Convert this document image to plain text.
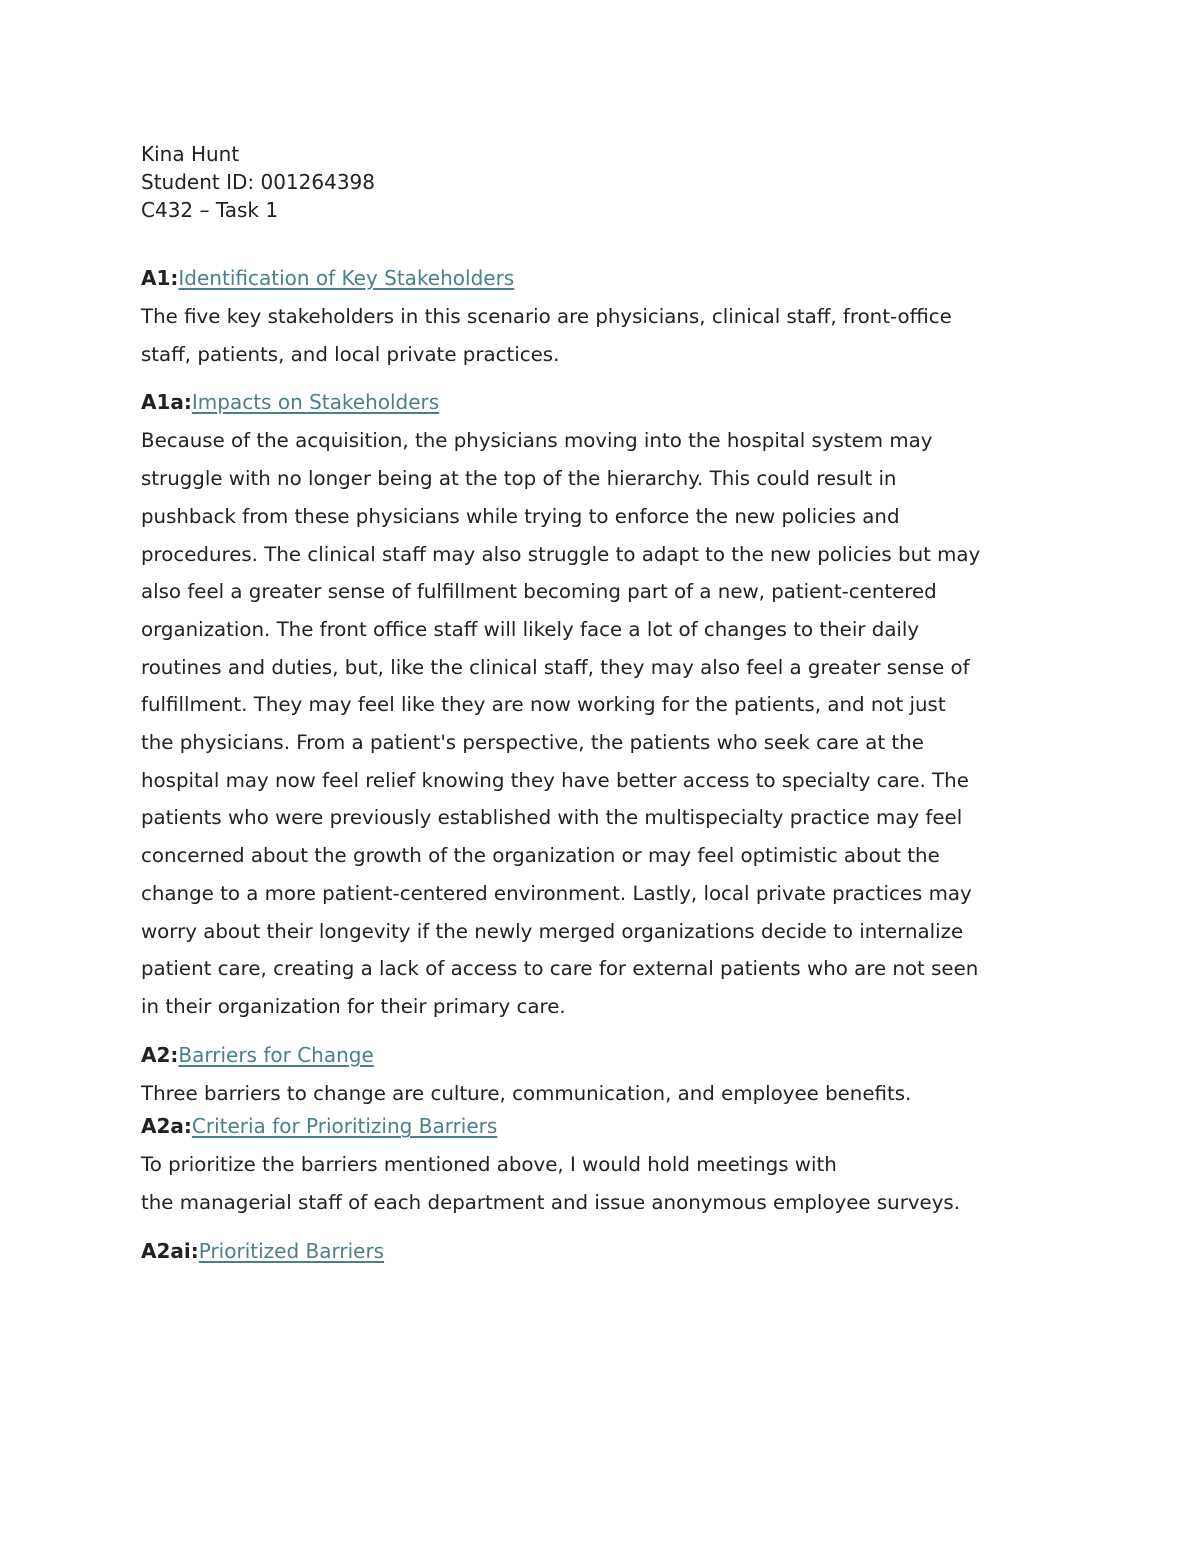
Kina Hunt

Student ID: 001264398

C432 – Task 1

A1:Identification of Key Stakeholders

The five key stakeholders in this scenario are physicians, clinical staff, front-office
staff, patients, and local private practices.

A1a:Impacts on Stakeholders

Because of the acquisition, the physicians moving into the hospital system may
struggle with no longer being at the top of the hierarchy. This could result in
pushback from these physicians while trying to enforce the new policies and
procedures. The clinical staff may also struggle to adapt to the new policies but may
also feel a greater sense of fulfillment becoming part of a new, patient-centered
organization. The front office staff will likely face a lot of changes to their daily
routines and duties, but, like the clinical staff, they may also feel a greater sense of
fulfillment. They may feel like they are now working for the patients, and not just
the physicians. From a patient's perspective, the patients who seek care at the
hospital may now feel relief knowing they have better access to specialty care. The
patients who were previously established with the multispecialty practice may feel
concerned about the growth of the organization or may feel optimistic about the
change to a more patient-centered environment. Lastly, local private practices may
worry about their longevity if the newly merged organizations decide to internalize
patient care, creating a lack of access to care for external patients who are not seen
in their organization for their primary care.

A2:Barriers for Change

Three barriers to change are culture, communication, and employee benefits.

A2a:Criteria for Prioritizing Barriers

To prioritize the barriers mentioned above, I would hold meetings with
the managerial staff of each department and issue anonymous employee surveys.

A2ai:Prioritized Barriers
